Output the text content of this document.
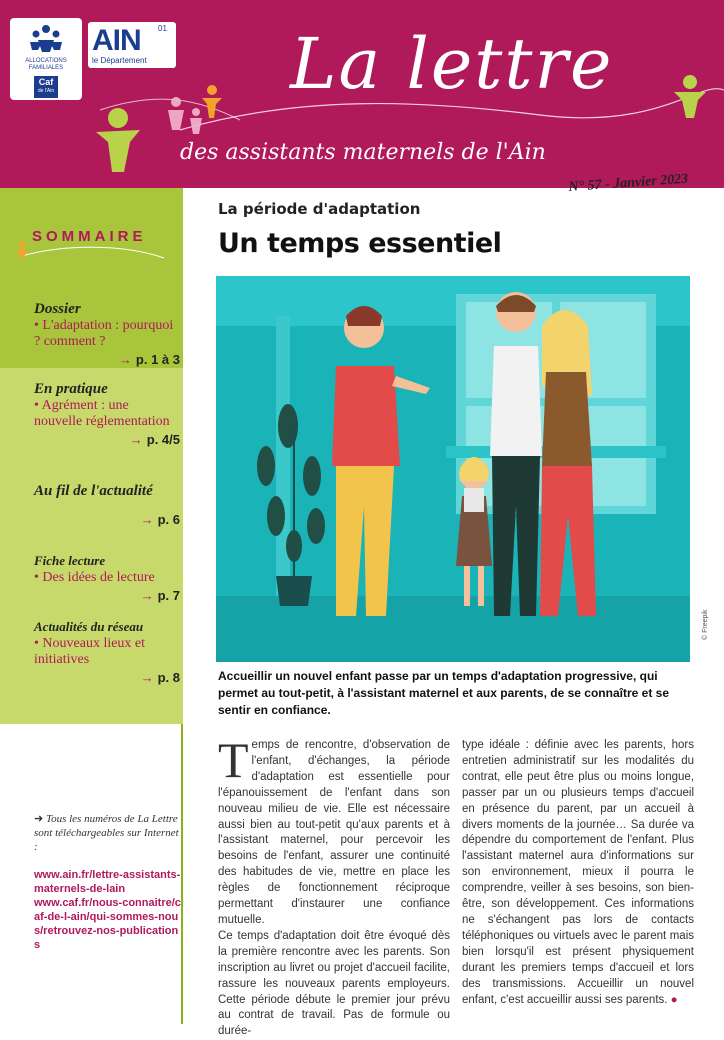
ALLOCATIONS
FAMILIALES
Caf
de l'Ain
AIN 01
le Département La lettre
des assistants maternels de l'Ain
SOMMAIRE
Dossier
• L'adaptation : pourquoi ? comment ?
→ p. 1 à 3
En pratique
• Agrément : une nouvelle réglementation
→ p. 4/5
Au fil de l'actualité
→ p. 6
Fiche lecture
• Des idées de lecture
→ p. 7
Actualités du réseau
• Nouveaux lieux et initiatives
→ p. 8
➜ Tous les numéros de La Lettre sont téléchargeables sur Internet :
www.ain.fr/lettre-assistants-maternels-de-lain
www.caf.fr/nous-connaitre/caf-de-l-ain/qui-sommes-nous/retrouvez-nos-publications
N° 57 - Janvier 2023
La période d'adaptation
Un temps essentiel
© Freepik
Accueillir un nouvel enfant passe par un temps d'adaptation progressive, qui permet au tout-petit, à l'assistant maternel et aux parents, de se connaître et se sentir en confiance.
T emps de rencontre, d'observation de l'enfant, d'échanges, la période d'adaptation est essentielle pour l'épanouissement de l'enfant dans son nouveau milieu de vie. Elle est nécessaire aussi bien au tout-petit qu'aux parents et à l'assistant maternel, pour percevoir les besoins de l'enfant, assurer une continuité des habitudes de vie, mettre en place les règles de fonctionnement réciproque permettant d'instaurer une confiance mutuelle.
Ce temps d'adaptation doit être évoqué dès la première rencontre avec les parents. Son inscription au livret ou projet d'accueil facilite, rassure les nouveaux parents employeurs. Cette période débute le premier jour prévu au contrat de travail. Pas de formule ou durée-
type idéale : définie avec les parents, hors entretien administratif sur les modalités du contrat, elle peut être plus ou moins longue, passer par un ou plusieurs temps d'accueil en présence du parent, par un accueil à divers moments de la journée… Sa durée va dépendre du comportement de l'enfant. Plus l'assistant maternel aura d'informations sur son environnement, mieux il pourra le comprendre, veiller à ses besoins, son bien-être, son développement. Ces informations ne s'échangent pas lors de contacts téléphoniques ou virtuels avec le parent mais bien lorsqu'il est présent physiquement durant les premiers temps d'accueil et lors des transmissions. Accueillir un nouvel enfant, c'est accueillir aussi ses parents. ●
